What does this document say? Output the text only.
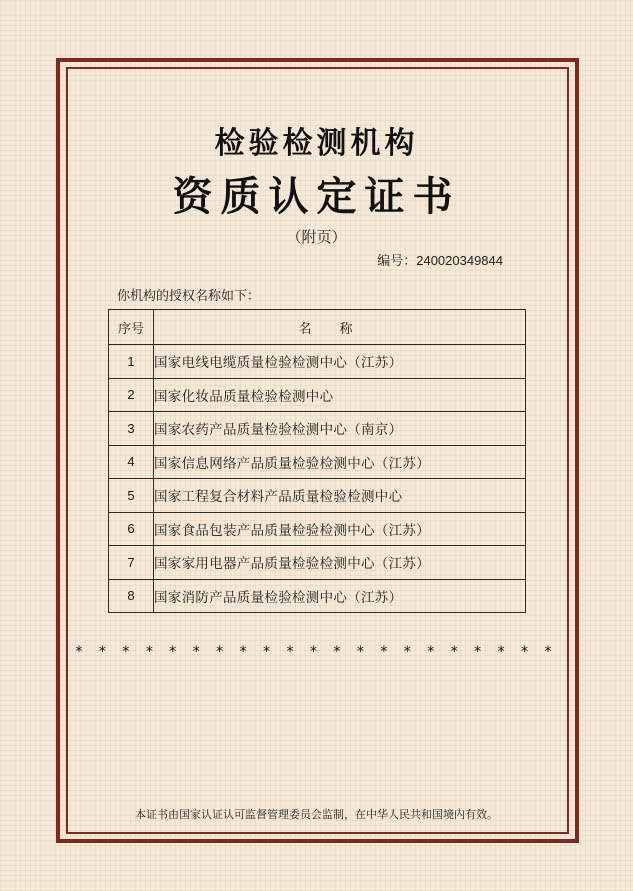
检验检测机构
资质认定证书
（附页）
编号：240020349844
你机构的授权名称如下：
序号	名称
1	国家电线电缆质量检验检测中心（江苏）
2	国家化妆品质量检验检测中心
3	国家农药产品质量检验检测中心（南京）
4	国家信息网络产品质量检验检测中心（江苏）
5	国家工程复合材料产品质量检验检测中心
6	国家食品包装产品质量检验检测中心（江苏）
7	国家家用电器产品质量检验检测中心（江苏）
8	国家消防产品质量检验检测中心（江苏）
* * * * * * * * * * * * * * * * * * * * *
本证书由国家认证认可监督管理委员会监制，在中华人民共和国境内有效。
